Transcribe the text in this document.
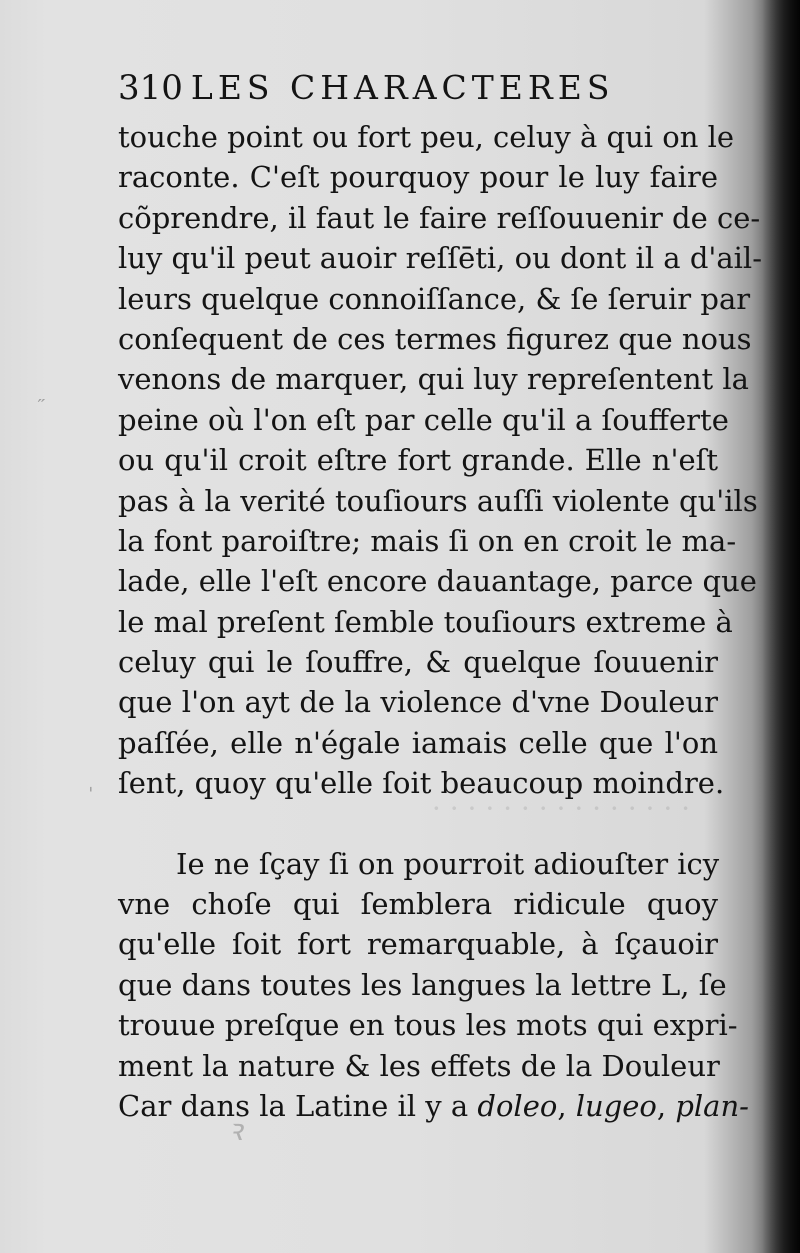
· · · · · · · · · · · · · · ·
310 LES CHARACTERES
touche point ou fort peu, celuy à qui on le
raconte. C'eſt pourquoy pour le luy faire
cõprendre, il faut le faire reſſouuenir de ce-
luy qu'il peut auoir reſſēti, ou dont il a d'ail-
leurs quelque connoiſſance, & ſe ſeruir par
conſequent de ces termes figurez que nous
venons de marquer, qui luy repreſentent la
peine où l'on eſt par celle qu'il a ſoufferte
ou qu'il croit eſtre fort grande. Elle n'eſt
pas à la verité touſiours auſſi violente qu'ils
la font paroiſtre; mais ſi on en croit le ma-
lade, elle l'eſt encore dauantage, parce que
le mal preſent ſemble touſiours extreme à
celuy qui le ſouffre, & quelque ſouuenir
que l'on ayt de la violence d'vne Douleur
paſſée, elle n'égale iamais celle que l'on
ſent, quoy qu'elle ſoit beaucoup moindre.
Ie ne ſçay ſi on pourroit adiouſter icy
vne choſe qui ſemblera ridicule quoy
qu'elle ſoit fort remarquable, à ſçauoir
que dans toutes les langues la lettre L, ſe
trouue preſque en tous les mots qui expri-
ment la nature & les effets de la Douleur
Car dans la Latine il y a doleo, lugeo, plan-
ꝛ
˶
ˌ
